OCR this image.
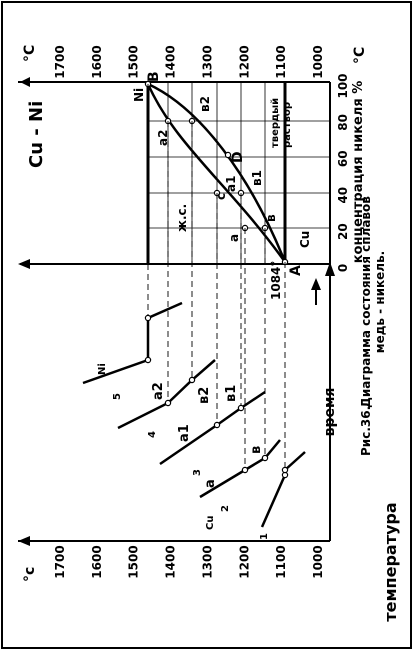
1700 1600 1500 1400 1300 1200 1100 1000
100
80
60
40
20
0
Cu - Ni
°C	°C
концентрация никеля %
Ni
Cu
1084° A
B
D
ж.с.
твердый раствор
a2
в2
c
a1 в1
a
в
1700 1600 1500 1400 1300 1200 1100 1000
1
2
3
4
5
Cu
Ni
a
в
a1
в1
a2 в2
°c	температура
время Рис.36.
Диаграмма состояния сплавов медь - никель.
